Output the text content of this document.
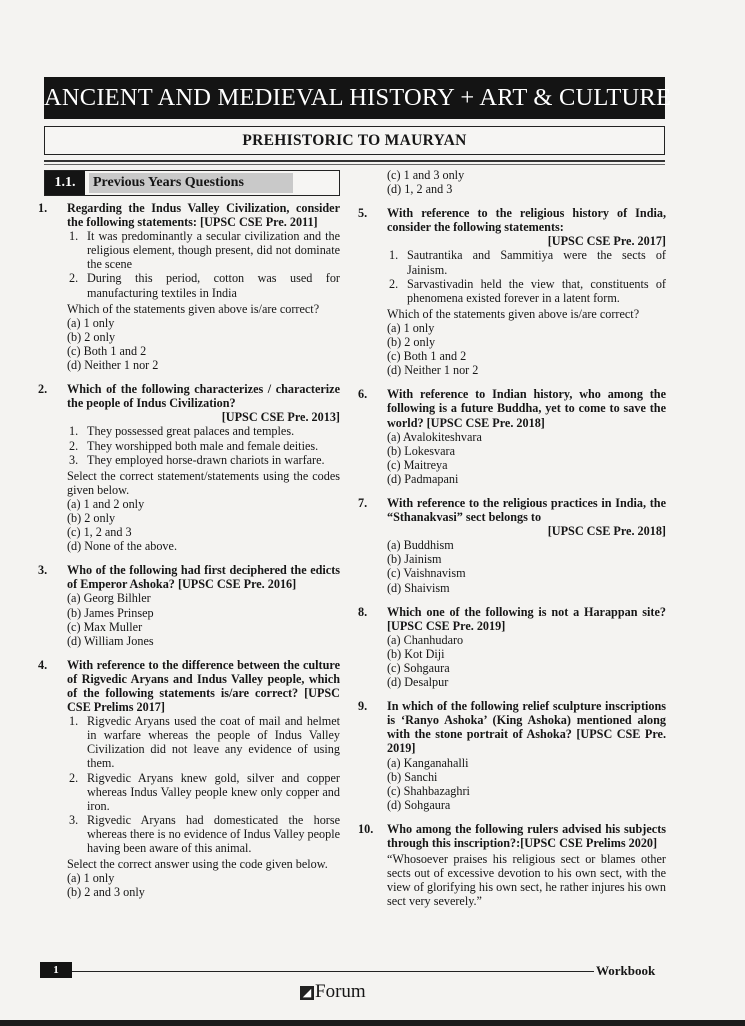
ANCIENT AND MEDIEVAL HISTORY + ART & CULTURE
PREHISTORIC TO MAURYAN
1.1.	Previous Years Questions
1. Regarding the Indus Valley Civilization, consider the following statements: [UPSC CSE Pre. 2011]
1. It was predominantly a secular civilization and the religious element, though present, did not dominate the scene
2. During this period, cotton was used for manufacturing textiles in India
Which of the statements given above is/are correct?
(a) 1 only
(b) 2 only
(c) Both 1 and 2
(d) Neither 1 nor 2
2. Which of the following characterizes / characterize the people of Indus Civilization?
[UPSC CSE Pre. 2013]
1. They possessed great palaces and temples.
2. They worshipped both male and female deities.
3. They employed horse-drawn chariots in warfare.
Select the correct statement/statements using the codes given below.
(a) 1 and 2 only
(b) 2 only
(c) 1, 2 and 3
(d) None of the above.
3. Who of the following had first deciphered the edicts of Emperor Ashoka? [UPSC CSE Pre. 2016]
(a) Georg Bilhler
(b) James Prinsep
(c) Max Muller
(d) William Jones
4. With reference to the difference between the culture of Rigvedic Aryans and Indus Valley people, which of the following statements is/are correct? [UPSC CSE Prelims 2017]
1. Rigvedic Aryans used the coat of mail and helmet in warfare whereas the people of Indus Valley Civilization did not leave any evidence of using them.
2. Rigvedic Aryans knew gold, silver and copper whereas Indus Valley people knew only copper and iron.
3. Rigvedic Aryans had domesticated the horse whereas there is no evidence of Indus Valley people having been aware of this animal.
Select the correct answer using the code given below.
(a) 1 only
(b) 2 and 3 only
(c) 1 and 3 only
(d) 1, 2 and 3
5. With reference to the religious history of India, consider the following statements:
[UPSC CSE Pre. 2017]
1. Sautrantika and Sammitiya were the sects of Jainism.
2. Sarvastivadin held the view that, constituents of phenomena existed forever in a latent form.
Which of the statements given above is/are correct?
(a) 1 only
(b) 2 only
(c) Both 1 and 2
(d) Neither 1 nor 2
6. With reference to Indian history, who among the following is a future Buddha, yet to come to save the world? [UPSC CSE Pre. 2018]
(a) Avalokiteshvara
(b) Lokesvara
(c) Maitreya
(d) Padmapani
7. With reference to the religious practices in India, the “Sthanakvasi” sect belongs to
[UPSC CSE Pre. 2018]
(a) Buddhism
(b) Jainism
(c) Vaishnavism
(d) Shaivism
8. Which one of the following is not a Harappan site? [UPSC CSE Pre. 2019]
(a) Chanhudaro
(b) Kot Diji
(c) Sohgaura
(d) Desalpur
9. In which of the following relief sculpture inscriptions is ‘Ranyo Ashoka’ (King Ashoka) mentioned along with the stone portrait of Ashoka? [UPSC CSE Pre. 2019]
(a) Kanganahalli
(b) Sanchi
(c) Shahbazaghri
(d) Sohgaura
10. Who among the following rulers advised his subjects through this inscription?:[UPSC CSE Prelims 2020]
“Whosoever praises his religious sect or blames other sects out of excessive devotion to his own sect, with the view of glorifying his own sect, he rather injures his own sect very severely.”
1	Workbook
◢ Forum
